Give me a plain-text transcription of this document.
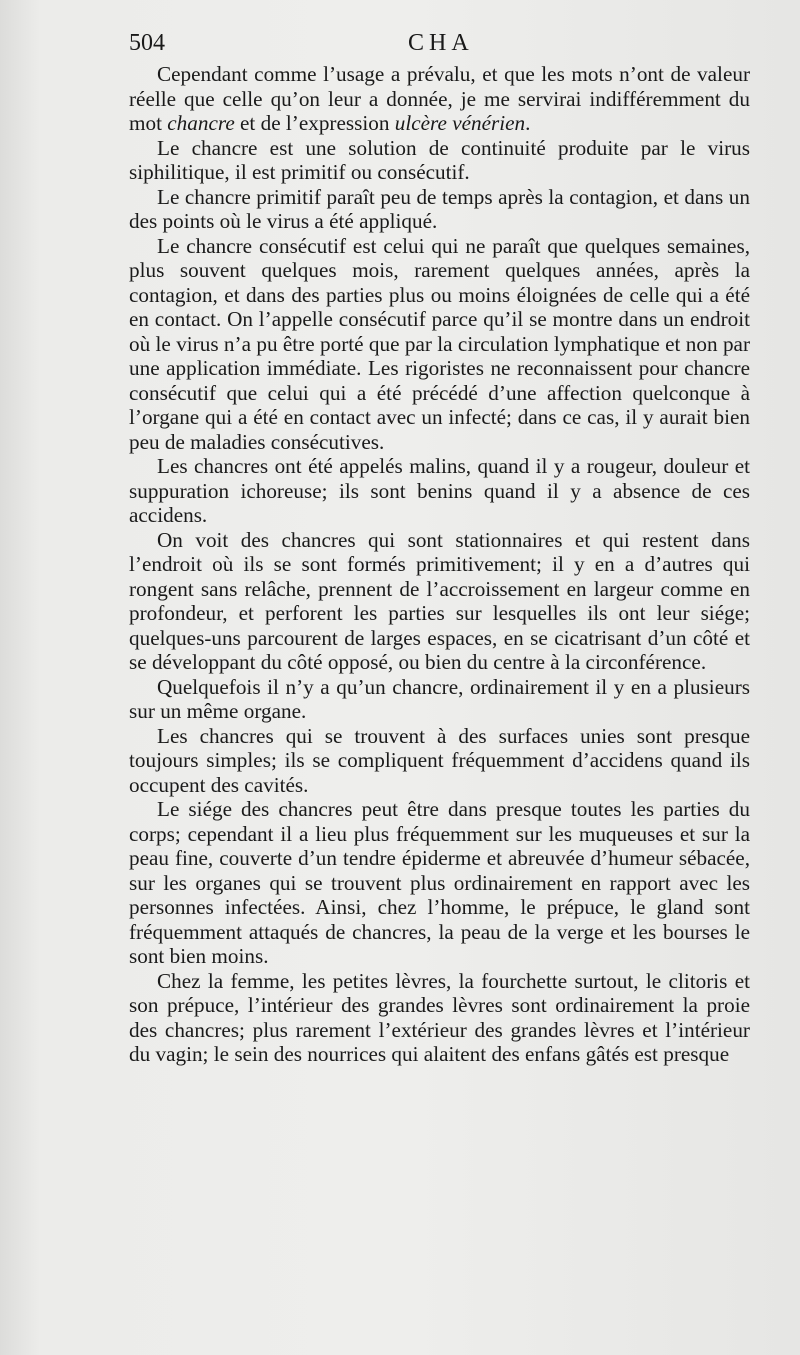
504	CHA

Cependant comme l’usage a prévalu, et que les mots n’ont de valeur réelle que celle qu’on leur a donnée, je me servirai indifféremment du mot chancre et de l’expression ulcère vénérien.

Le chancre est une solution de continuité produite par le virus siphilitique, il est primitif ou consécutif.

Le chancre primitif paraît peu de temps après la contagion, et dans un des points où le virus a été appliqué.

Le chancre consécutif est celui qui ne paraît que quelques semaines, plus souvent quelques mois, rarement quelques années, après la contagion, et dans des parties plus ou moins éloignées de celle qui a été en contact. On l’appelle consécutif parce qu’il se montre dans un endroit où le virus n’a pu être porté que par la circulation lymphatique et non par une application immédiate. Les rigoristes ne reconnaissent pour chancre consécutif que celui qui a été précédé d’une affection quelconque à l’organe qui a été en contact avec un infecté; dans ce cas, il y aurait bien peu de maladies consécutives.

Les chancres ont été appelés malins, quand il y a rougeur, douleur et suppuration ichoreuse; ils sont benins quand il y a absence de ces accidens.

On voit des chancres qui sont stationnaires et qui restent dans l’endroit où ils se sont formés primitivement; il y en a d’autres qui rongent sans relâche, prennent de l’accroissement en largeur comme en profondeur, et perforent les parties sur lesquelles ils ont leur siége; quelques-uns parcourent de larges espaces, en se cicatrisant d’un côté et se développant du côté opposé, ou bien du centre à la circonférence.

Quelquefois il n’y a qu’un chancre, ordinairement il y en a plusieurs sur un même organe.

Les chancres qui se trouvent à des surfaces unies sont presque toujours simples; ils se compliquent fréquemment d’accidens quand ils occupent des cavités.

Le siége des chancres peut être dans presque toutes les parties du corps; cependant il a lieu plus fréquemment sur les muqueuses et sur la peau fine, couverte d’un tendre épiderme et abreuvée d’humeur sébacée, sur les organes qui se trouvent plus ordinairement en rapport avec les personnes infectées. Ainsi, chez l’homme, le prépuce, le gland sont fréquemment attaqués de chancres, la peau de la verge et les bourses le sont bien moins.

Chez la femme, les petites lèvres, la fourchette surtout, le clitoris et son prépuce, l’intérieur des grandes lèvres sont ordinairement la proie des chancres; plus rarement l’extérieur des grandes lèvres et l’intérieur du vagin; le sein des nourrices qui alaitent des enfans gâtés est presque
